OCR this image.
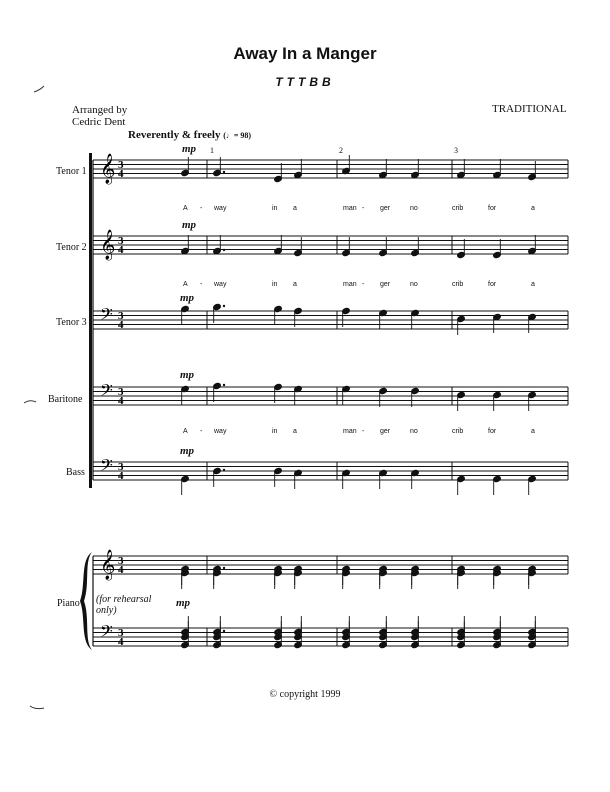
Away In a Manger
TTTBB
Arranged by
Cedric Dent
TRADITIONAL
Reverently & freely (♩= 98)
𝄞 3
4
𝄞 3
4
𝄢 3
4
𝄢 3
4
𝄢 3
4
𝄞 3
4
𝄢 3
4
Tenor 1
Tenor 2
Tenor 3
Baritone
Bass
Piano (for rehearsal
only)
1	2	3
mp
mp
mp
mp
mp
mp
A - way	in a	man - ger	no	crib	for	a
A - way	in a	man - ger	no	crib	for	a
A - way	in a	man - ger	no	crib	for	a
© copyright 1999
